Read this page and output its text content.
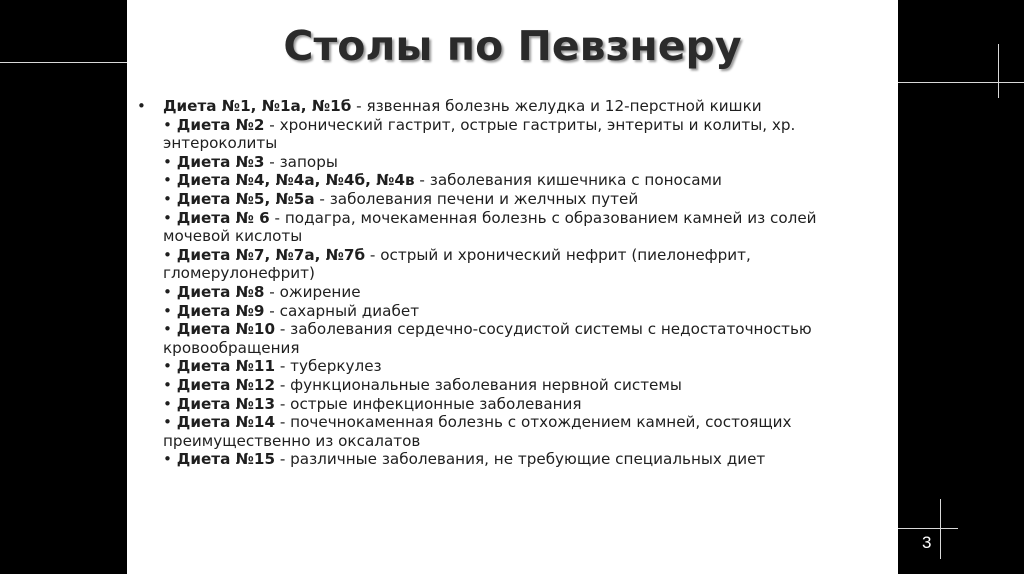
Столы по Певзнеру
• Диета №1, №1а, №1б - язвенная болезнь желудка и 12-перстной кишки
• Диета №2 - хронический гастрит, острые гастриты, энтериты и колиты, хр. энтероколиты
• Диета №3 - запоры
• Диета №4, №4а, №4б, №4в - заболевания кишечника с поносами
• Диета №5, №5а - заболевания печени и желчных путей
• Диета № 6 - подагра, мочекаменная болезнь с образованием камней из солей мочевой кислоты
• Диета №7, №7а, №7б - острый и хронический нефрит (пиелонефрит, гломерулонефрит)
• Диета №8 - ожирение
• Диета №9 - сахарный диабет
• Диета №10 - заболевания сердечно-сосудистой системы с недостаточностью кровообращения
• Диета №11 - туберкулез
• Диета №12 - функциональные заболевания нервной системы
• Диета №13 - острые инфекционные заболевания
• Диета №14 - почечнокаменная болезнь с отхождением камней, состоящих преимущественно из оксалатов
• Диета №15 - различные заболевания, не требующие специальных диет
3
